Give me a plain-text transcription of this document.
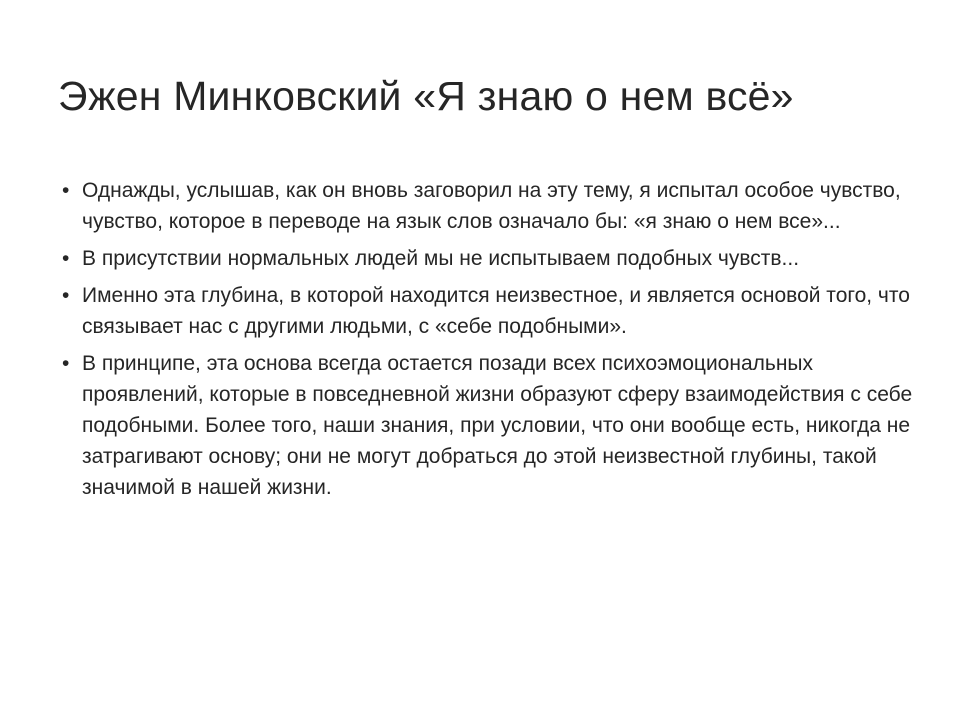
Эжен Минковский «Я знаю о нем всё»
• Однажды, услышав, как он вновь заговорил на эту тему, я испытал особое чувство, чувство, которое в переводе на язык слов означало бы: «я знаю о нем все»...
• В присутствии нормальных людей мы не испытываем подобных чувств...
• Именно эта глубина, в которой находится неизвестное, и является основой того, что связывает нас с другими людьми, с «себе подобными».
• В принципе, эта основа всегда остается позади всех психоэмоциональных проявлений, которые в повседневной жизни образуют сферу взаимодействия с себе подобными. Более того, наши знания, при условии, что они вообще есть, никогда не затрагивают основу; они не могут добраться до этой неизвестной глубины, такой значимой в нашей жизни.
